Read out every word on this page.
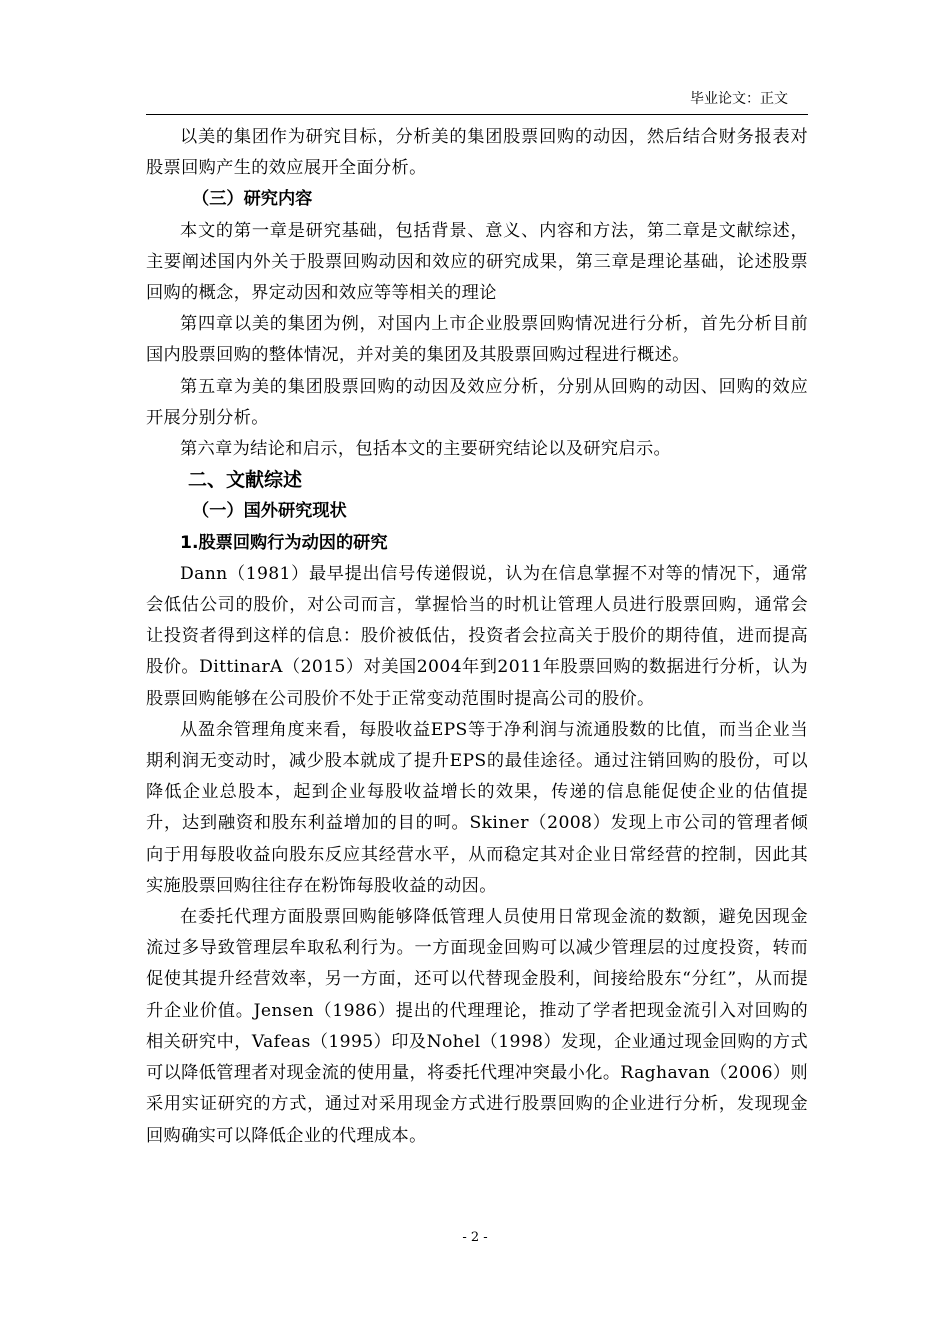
毕业论文：正文

以美的集团作为研究目标，分析美的集团股票回购的动因，然后结合财务报表对股票回购产生的效应展开全面分析。

（三）研究内容

本文的第一章是研究基础，包括背景、意义、内容和方法，第二章是文献综述，主要阐述国内外关于股票回购动因和效应的研究成果，第三章是理论基础，论述股票回购的概念，界定动因和效应等等相关的理论

第四章以美的集团为例，对国内上市企业股票回购情况进行分析，首先分析目前国内股票回购的整体情况，并对美的集团及其股票回购过程进行概述。

第五章为美的集团股票回购的动因及效应分析，分别从回购的动因、回购的效应开展分别分析。

第六章为结论和启示，包括本文的主要研究结论以及研究启示。

二、文献综述

（一）国外研究现状

1.股票回购行为动因的研究

Dann（1981）最早提出信号传递假说，认为在信息掌握不对等的情况下，通常会低估公司的股价，对公司而言，掌握恰当的时机让管理人员进行股票回购，通常会让投资者得到这样的信息：股价被低估，投资者会拉高关于股价的期待值，进而提高股价。DittinarA（2015）对美国2004年到2011年股票回购的数据进行分析，认为股票回购能够在公司股价不处于正常变动范围时提高公司的股价。

从盈余管理角度来看，每股收益EPS等于净利润与流通股数的比值，而当企业当期利润无变动时，减少股本就成了提升EPS的最佳途径。通过注销回购的股份，可以降低企业总股本，起到企业每股收益增长的效果，传递的信息能促使企业的估值提升，达到融资和股东利益增加的目的呵。Skiner（2008）发现上市公司的管理者倾向于用每股收益向股东反应其经营水平，从而稳定其对企业日常经营的控制，因此其实施股票回购往往存在粉饰每股收益的动因。

在委托代理方面股票回购能够降低管理人员使用日常现金流的数额，避免因现金流过多导致管理层牟取私利行为。一方面现金回购可以减少管理层的过度投资，转而促使其提升经营效率，另一方面，还可以代替现金股利，间接给股东“分红”，从而提升企业价值。Jensen（1986）提出的代理理论，推动了学者把现金流引入对回购的相关研究中，Vafeas（1995）印及Nohel（1998）发现，企业通过现金回购的方式可以降低管理者对现金流的使用量，将委托代理冲突最小化。Raghavan（2006）则采用实证研究的方式，通过对采用现金方式进行股票回购的企业进行分析，发现现金回购确实可以降低企业的代理成本。

- 2 -
